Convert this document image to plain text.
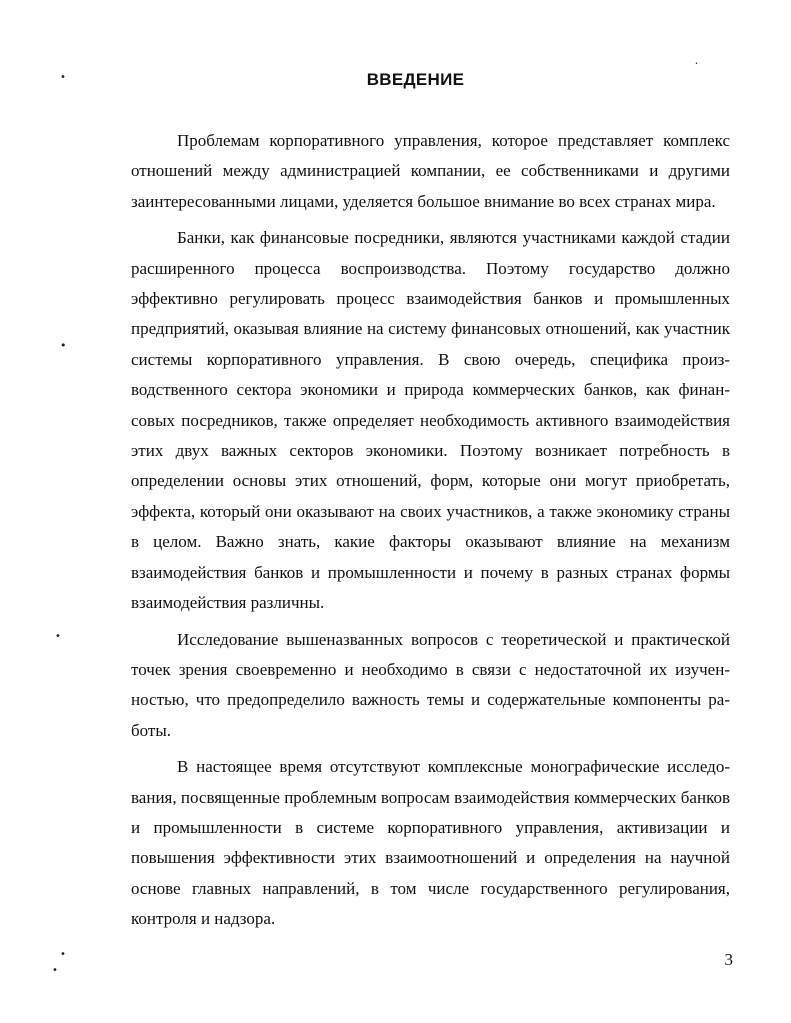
ВВЕДЕНИЕ

Проблемам корпоративного управления, которое представляет комплекс отношений между администрацией компании, ее собственниками и другими заинтересованными лицами, уделяется большое внимание во всех странах мира.

Банки, как финансовые посредники, являются участниками каждой стадии расширенного процесса воспроизводства. Поэтому государство должно эффективно регулировать процесс взаимодействия банков и промышленных предприятий, оказывая влияние на систему финансовых отношений, как участник системы корпоративного управления. В свою очередь, специфика производственного сектора экономики и природа коммерческих банков, как финансовых посредников, также определяет необходимость активного взаимодействия этих двух важных секторов экономики. Поэтому возникает потребность в определении основы этих отношений, форм, которые они могут приобретать, эффекта, который они оказывают на своих участников, а также экономику страны в целом. Важно знать, какие факторы оказывают влияние на механизм взаимодействия банков и промышленности и почему в разных странах формы взаимодействия различны.

Исследование вышеназванных вопросов с теоретической и практической точек зрения своевременно и необходимо в связи с недостаточной их изученностью, что предопределило важность темы и содержательные компоненты работы.

В настоящее время отсутствуют комплексные монографические исследования, посвященные проблемным вопросам взаимодействия коммерческих банков и промышленности в системе корпоративного управления, активизации и повышения эффективности этих взаимоотношений и определения на научной основе главных направлений, в том числе государственного регулирования, контроля и надзора.

3
•
•
•
•
•
•
